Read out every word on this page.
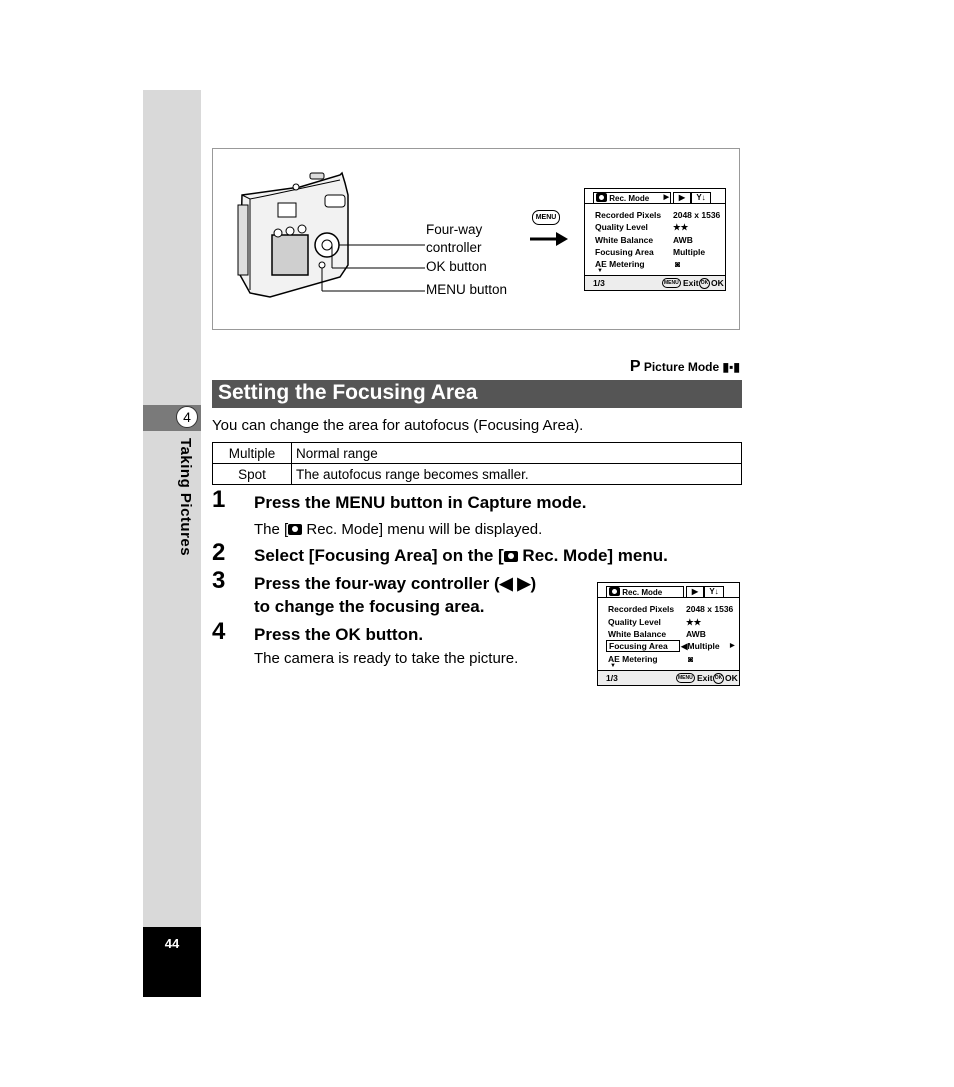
4
Taking Pictures
44
Four-way
controller
OK button
MENU button
MENU
Rec. Mode ▶	▶	Y↓
Recorded Pixels 2048 x 1536
Quality Level	★★
White Balance AWB
Focusing Area Multiple
AE Metering	◙
▼
1/3	MENU Exit OK OK
P Picture Mode ▮▪▮
Setting the Focusing Area
You can change the area for autofocus (Focusing Area).
Multiple	Normal range
Spot	The autofocus range becomes smaller.
1 Press the MENU button in Capture mode.
The [ Rec. Mode] menu will be displayed.
2 Select [Focusing Area] on the [ Rec. Mode] menu.
3 Press the four-way controller (◀ ▶)
to change the focusing area.
4 Press the OK button.
The camera is ready to take the picture.
Rec. Mode	▶	Y↓
Recorded Pixels 2048 x 1536
Quality Level	★★
White Balance AWB
Focusing Area	◀Multiple ▶
AE Metering	◙
▼
1/3	MENU Exit OK OK
